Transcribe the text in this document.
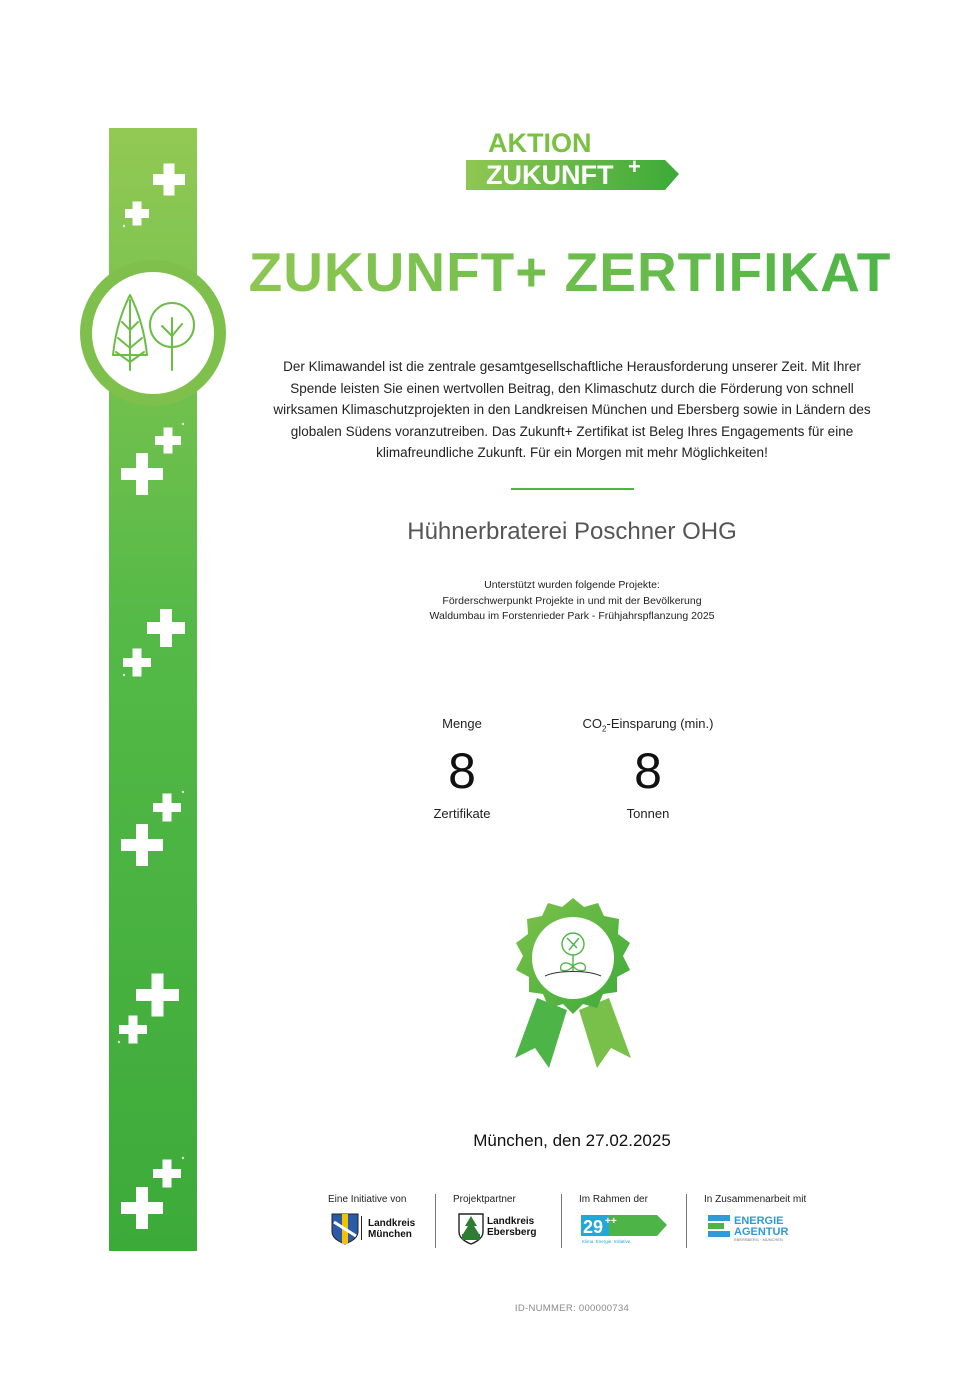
AKTION
ZUKUNFT +
ZUKUNFT+ ZERTIFIKAT
Der Klimawandel ist die zentrale gesamtgesellschaftliche Herausforderung unserer Zeit. Mit Ihrer Spende leisten Sie einen wertvollen Beitrag, den Klimaschutz durch die Förderung von schnell wirksamen Klimaschutzprojekten in den Landkreisen München und Ebersberg sowie in Ländern des globalen Südens voranzutreiben. Das Zukunft+ Zertifikat ist Beleg Ihres Engagements für eine klimafreundliche Zukunft. Für ein Morgen mit mehr Möglichkeiten!
Hühnerbraterei Poschner OHG
Unterstützt wurden folgende Projekte:
Förderschwerpunkt Projekte in und mit der Bevölkerung
Waldumbau im Forstenrieder Park - Frühjahrspflanzung 2025
Menge
8
Zertifikate
$CO_2$-Einsparung (min.)
8
Tonnen
München, den 27.02.2025
Eine Initiative von
Landkreis
München
Projektpartner
Landkreis
Ebersberg
Im Rahmen der
29 ++
Klima. Energie. Initiative.
In Zusammenarbeit mit
ENERGIE
AGENTUR
EBERSBERG · MÜNCHEN
ID-NUMMER: 000000734
